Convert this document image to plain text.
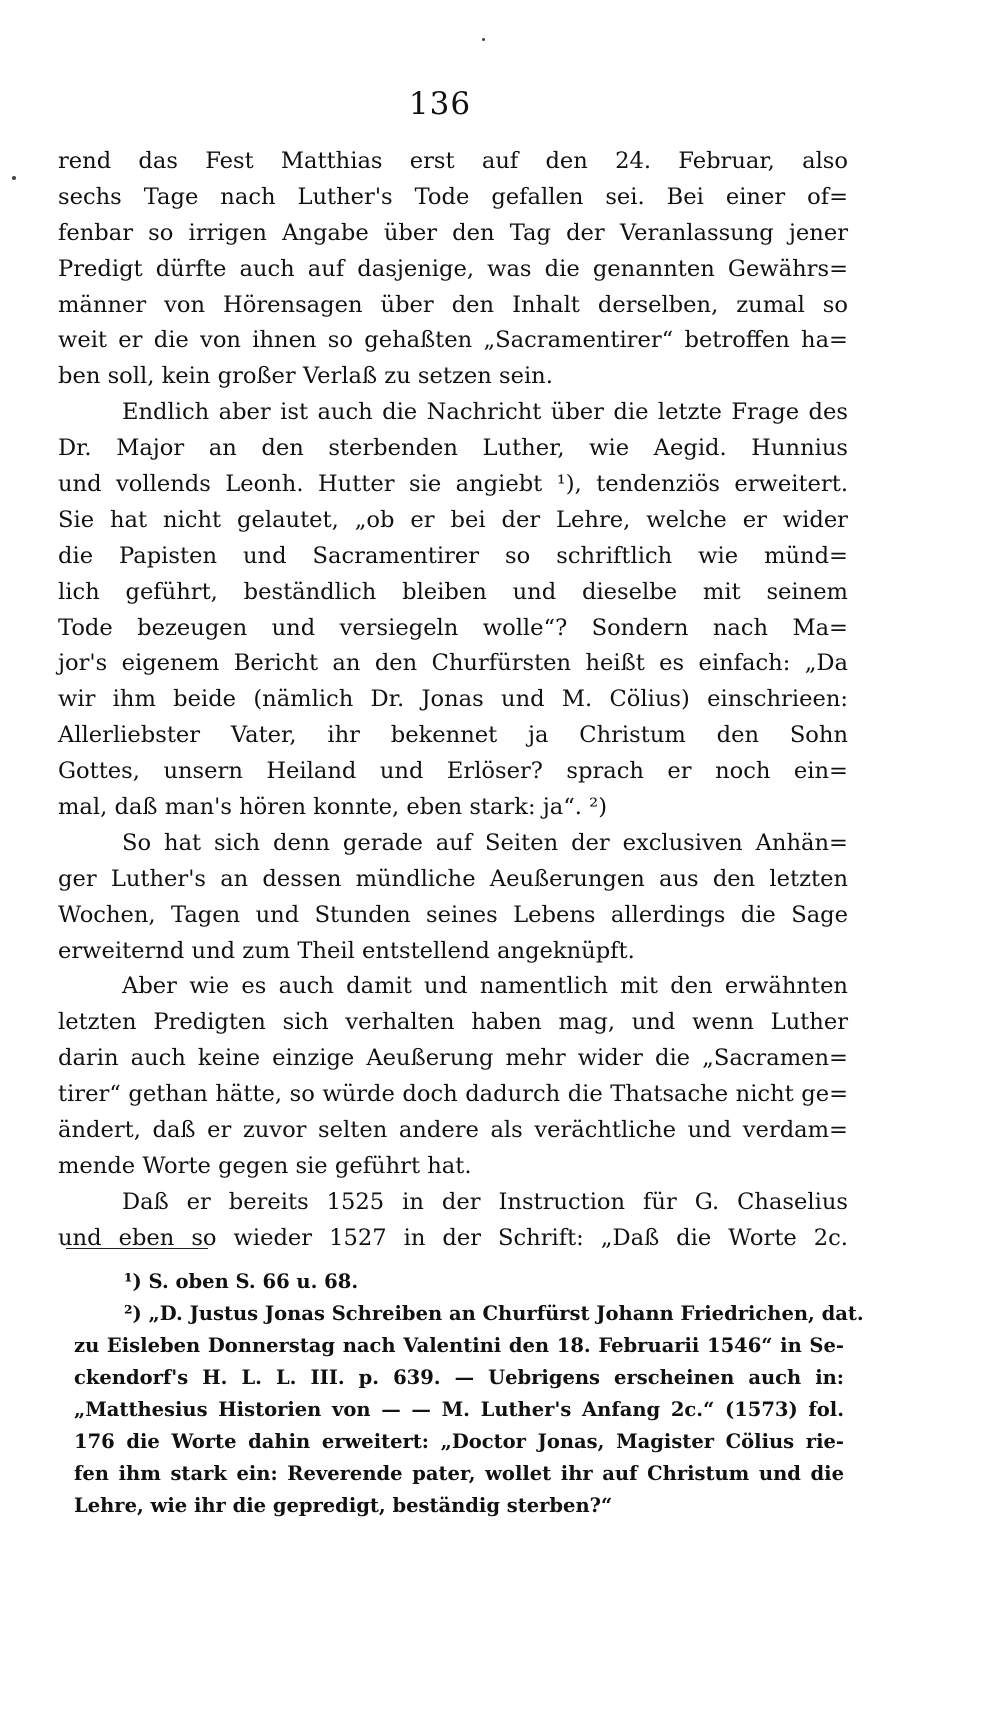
136
rend das Fest Matthias erst auf den 24. Februar, also
sechs Tage nach Luther's Tode gefallen sei. Bei einer of=
fenbar so irrigen Angabe über den Tag der Veranlassung jener
Predigt dürfte auch auf dasjenige, was die genannten Gewährs=
männer von Hörensagen über den Inhalt derselben, zumal so
weit er die von ihnen so gehaßten „Sacramentirer“ betroffen ha=
ben soll, kein großer Verlaß zu setzen sein.
Endlich aber ist auch die Nachricht über die letzte Frage des
Dr. Major an den sterbenden Luther, wie Aegid. Hunnius
und vollends Leonh. Hutter sie angiebt ¹), tendenziös erweitert.
Sie hat nicht gelautet, „ob er bei der Lehre, welche er wider
die Papisten und Sacramentirer so schriftlich wie münd=
lich geführt, beständlich bleiben und dieselbe mit seinem
Tode bezeugen und versiegeln wolle“? Sondern nach Ma=
jor's eigenem Bericht an den Churfürsten heißt es einfach: „Da
wir ihm beide (nämlich Dr. Jonas und M. Cölius) einschrieen:
Allerliebster Vater, ihr bekennet ja Christum den Sohn
Gottes, unsern Heiland und Erlöser? sprach er noch ein=
mal, daß man's hören konnte, eben stark: ja“. ²)
So hat sich denn gerade auf Seiten der exclusiven Anhän=
ger Luther's an dessen mündliche Aeußerungen aus den letzten
Wochen, Tagen und Stunden seines Lebens allerdings die Sage
erweiternd und zum Theil entstellend angeknüpft.
Aber wie es auch damit und namentlich mit den erwähnten
letzten Predigten sich verhalten haben mag, und wenn Luther
darin auch keine einzige Aeußerung mehr wider die „Sacramen=
tirer“ gethan hätte, so würde doch dadurch die Thatsache nicht ge=
ändert, daß er zuvor selten andere als verächtliche und verdam=
mende Worte gegen sie geführt hat.
Daß er bereits 1525 in der Instruction für G. Chaselius
und eben so wieder 1527 in der Schrift: „Daß die Worte 2c.
¹) S. oben S. 66 u. 68.
²) „D. Justus Jonas Schreiben an Churfürst Johann Friedrichen, dat.
zu Eisleben Donnerstag nach Valentini den 18. Februarii 1546“ in Se-
ckendorf's H. L. L. III. p. 639. — Uebrigens erscheinen auch in:
„Matthesius Historien von — — M. Luther's Anfang 2c.“ (1573) fol.
176 die Worte dahin erweitert: „Doctor Jonas, Magister Cölius rie-
fen ihm stark ein: Reverende pater, wollet ihr auf Christum und die
Lehre, wie ihr die gepredigt, beständig sterben?“
